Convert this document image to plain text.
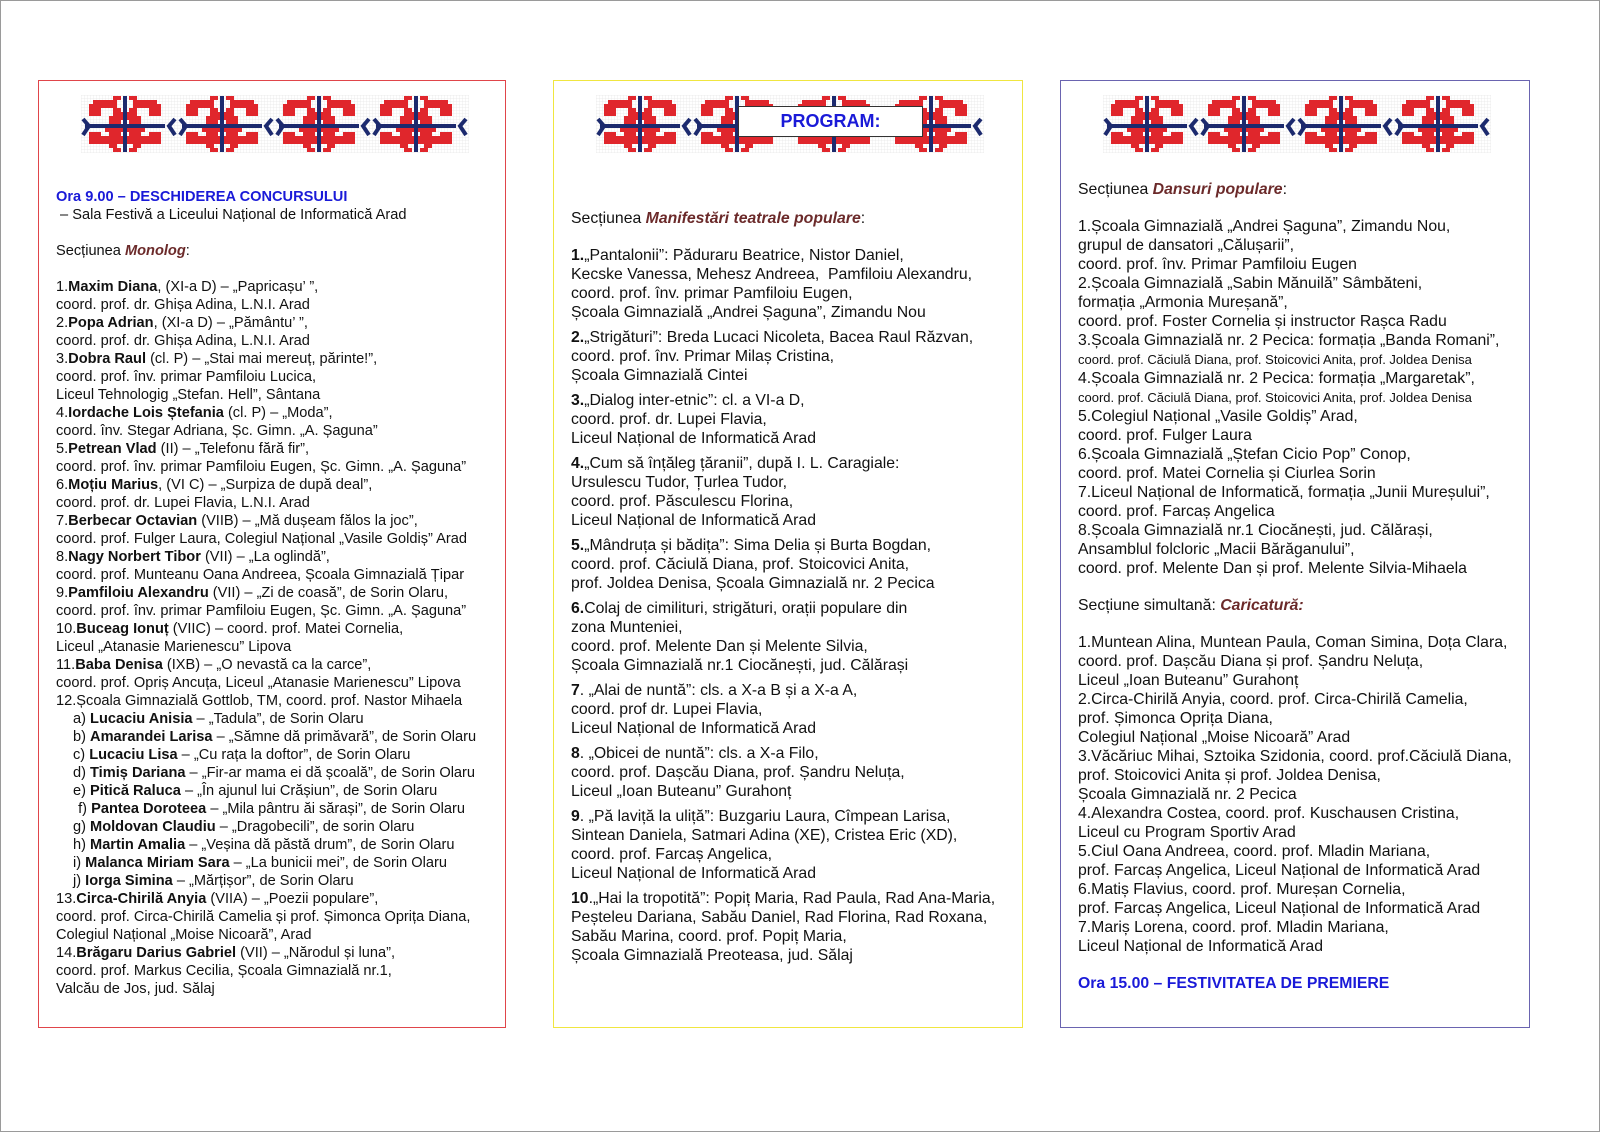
Ora 9.00 – DESCHIDEREA CONCURSULUI
– Sala Festivă a Liceului Național de Informatică Arad
Secțiunea Monolog:
1.Maxim Diana, (XI-a D) – „Papricașu’ ”,
coord. prof. dr. Ghișa Adina, L.N.I. Arad
2.Popa Adrian, (XI-a D) – „Pământu’ ”,
coord. prof. dr. Ghișa Adina, L.N.I. Arad
3.Dobra Raul (cl. P) – „Stai mai mereuț, părinte!”,
coord. prof. înv. primar Pamfiloiu Lucica,
Liceul Tehnologig „Stefan. Hell”, Sântana
4.Iordache Lois Ștefania (cl. P) – „Moda”,
coord. înv. Stegar Adriana, Șc. Gimn. „A. Șaguna”
5.Petrean Vlad (II) – „Telefonu fără fir”,
coord. prof. înv. primar Pamfiloiu Eugen, Șc. Gimn. „A. Șaguna”
6.Moțiu Marius, (VI C) – „Surpiza de după deal”,
coord. prof. dr. Lupei Flavia, L.N.I. Arad
7.Berbecar Octavian (VIIB) – „Mă dușeam fălos la joc”,
coord. prof. Fulger Laura, Colegiul Național „Vasile Goldiș” Arad
8.Nagy Norbert Tibor (VII) – „La oglindă”,
coord. prof. Munteanu Oana Andreea, Școala Gimnazială Țipar
9.Pamfiloiu Alexandru (VII) – „Zi de coasă”, de Sorin Olaru,
coord. prof. înv. primar Pamfiloiu Eugen, Șc. Gimn. „A. Șaguna”
10.Buceag Ionuț (VIIC) – coord. prof. Matei Cornelia,
Liceul „Atanasie Marienescu” Lipova
11.Baba Denisa (IXB) – „O nevastă ca la carce”,
coord. prof. Opriș Ancuța, Liceul „Atanasie Marienescu” Lipova
12.Școala Gimnazială Gottlob, TM, coord. prof. Nastor Mihaela
a) Lucaciu Anisia – „Tadula”, de Sorin Olaru
b) Amarandei Larisa – „Sămne dă primăvară”, de Sorin Olaru
c) Lucaciu Lisa – „Cu rața la doftor”, de Sorin Olaru
d) Timiș Dariana – „Fir-ar mama ei dă școală”, de Sorin Olaru
e) Pitică Raluca – „În ajunul lui Crășiun”, de Sorin Olaru
f) Pantea Doroteea – „Mila pântru ăi sărași”, de Sorin Olaru
g) Moldovan Claudiu – „Dragobecili”, de sorin Olaru
h) Martin Amalia – „Veșina dă păstă drum”, de Sorin Olaru
i) Malanca Miriam Sara – „La bunicii mei”, de Sorin Olaru
j) Iorga Simina – „Mărțișor”, de Sorin Olaru
13.Circa-Chirilă Anyia (VIIA) – „Poezii populare”,
coord. prof. Circa-Chirilă Camelia și prof. Șimonca Oprița Diana,
Colegiul Național „Moise Nicoară”, Arad
14.Brăgaru Darius Gabriel (VII) – „Nărodul și luna”,
coord. prof. Markus Cecilia, Școala Gimnazială nr.1,
Valcău de Jos, jud. Sălaj
PROGRAM:
Secțiunea Manifestări teatrale populare:
1.„Pantalonii”: Păduraru Beatrice, Nistor Daniel,
Kecske Vanessa, Mehesz Andreea,  Pamfiloiu Alexandru,
coord. prof. înv. primar Pamfiloiu Eugen,
Școala Gimnazială „Andrei Șaguna”, Zimandu Nou
2.„Strigături”: Breda Lucaci Nicoleta, Bacea Raul Răzvan,
coord. prof. înv. Primar Milaș Cristina,
Școala Gimnazială Cintei
3.„Dialog inter-etnic”: cl. a VI-a D,
coord. prof. dr. Lupei Flavia,
Liceul Național de Informatică Arad
4.„Cum să înțăleg țăranii”, după I. L. Caragiale:
Ursulescu Tudor, Țurlea Tudor,
coord. prof. Păsculescu Florina,
Liceul Național de Informatică Arad
5.„Mândruța și bădița”: Sima Delia și Burta Bogdan,
coord. prof. Căciulă Diana, prof. Stoicovici Anita,
prof. Joldea Denisa, Școala Gimnazială nr. 2 Pecica
6.Colaj de cimilituri, strigături, orații populare din
zona Munteniei,
coord. prof. Melente Dan și Melente Silvia,
Școala Gimnazială nr.1 Ciocănești, jud. Călărași
7. „Alai de nuntă”: cls. a X-a B și a X-a A,
coord. prof dr. Lupei Flavia,
Liceul Național de Informatică Arad
8. „Obicei de nuntă”: cls. a X-a Filo,
coord. prof. Dașcău Diana, prof. Șandru Neluța,
Liceul „Ioan Buteanu” Gurahonț
9. „Pă laviță la uliță”: Buzgariu Laura, Cîmpean Larisa,
Sintean Daniela, Satmari Adina (XE), Cristea Eric (XD),
coord. prof. Farcaș Angelica,
Liceul Național de Informatică Arad
10.„Hai la tropotită”: Popiț Maria, Rad Paula, Rad Ana-Maria,
Peșteleu Dariana, Sabău Daniel, Rad Florina, Rad Roxana,
Sabău Marina, coord. prof. Popiț Maria,
Școala Gimnazială Preoteasa, jud. Sălaj
Secțiunea Dansuri populare:
1.Școala Gimnazială „Andrei Șaguna”, Zimandu Nou,
grupul de dansatori „Călușarii”,
coord. prof. înv. Primar Pamfiloiu Eugen
2.Școala Gimnazială „Sabin Mănuilă” Sâmbăteni,
formația „Armonia Mureșană”,
coord. prof. Foster Cornelia și instructor Rașca Radu
3.Școala Gimnazială nr. 2 Pecica: formația „Banda Romani”,
coord. prof. Căciulă Diana, prof. Stoicovici Anita, prof. Joldea Denisa
4.Școala Gimnazială nr. 2 Pecica: formația „Margaretak”,
coord. prof. Căciulă Diana, prof. Stoicovici Anita, prof. Joldea Denisa
5.Colegiul Național „Vasile Goldiș” Arad,
coord. prof. Fulger Laura
6.Școala Gimnazială „Ștefan Cicio Pop” Conop,
coord. prof. Matei Cornelia și Ciurlea Sorin
7.Liceul Național de Informatică, formația „Junii Mureșului”,
coord. prof. Farcaș Angelica
8.Școala Gimnazială nr.1 Ciocănești, jud. Călărași,
Ansamblul folcloric „Macii Bărăganului”,
coord. prof. Melente Dan și prof. Melente Silvia-Mihaela
Secțiune simultană: Caricatură:
1.Muntean Alina, Muntean Paula, Coman Simina, Doța Clara,
coord. prof. Dașcău Diana și prof. Șandru Neluța,
Liceul „Ioan Buteanu” Gurahonț
2.Circa-Chirilă Anyia, coord. prof. Circa-Chirilă Camelia,
prof. Șimonca Oprița Diana,
Colegiul Național „Moise Nicoară” Arad
3.Văcăriuc Mihai, Sztoika Szidonia, coord. prof.Căciulă Diana,
prof. Stoicovici Anita și prof. Joldea Denisa,
Școala Gimnazială nr. 2 Pecica
4.Alexandra Costea, coord. prof. Kuschausen Cristina,
Liceul cu Program Sportiv Arad
5.Ciul Oana Andreea, coord. prof. Mladin Mariana,
prof. Farcaș Angelica, Liceul Național de Informatică Arad
6.Matiș Flavius, coord. prof. Mureșan Cornelia,
prof. Farcaș Angelica, Liceul Național de Informatică Arad
7.Mariș Lorena, coord. prof. Mladin Mariana,
Liceul Național de Informatică Arad
Ora 15.00 – FESTIVITATEA DE PREMIERE
